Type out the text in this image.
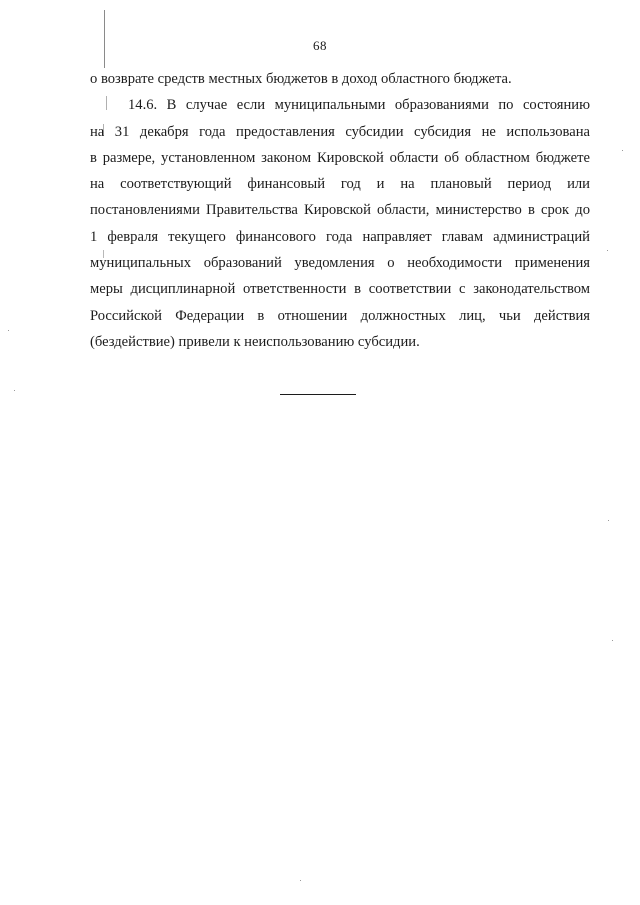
68
о возврате средств местных бюджетов в доход областного бюджета.
14.6. В случае если муниципальными образованиями по состоянию
на 31 декабря года предоставления субсидии субсидия не использована
в размере, установленном законом Кировской области об областном бюджете
на соответствующий финансовый год и на плановый период или
постановлениями Правительства Кировской области, министерство в срок до
1 февраля текущего финансового года направляет главам администраций
муниципальных образований уведомления о необходимости применения
меры дисциплинарной ответственности в соответствии с законодательством
Российской Федерации в отношении должностных лиц, чьи действия
(бездействие) привели к неиспользованию субсидии.
